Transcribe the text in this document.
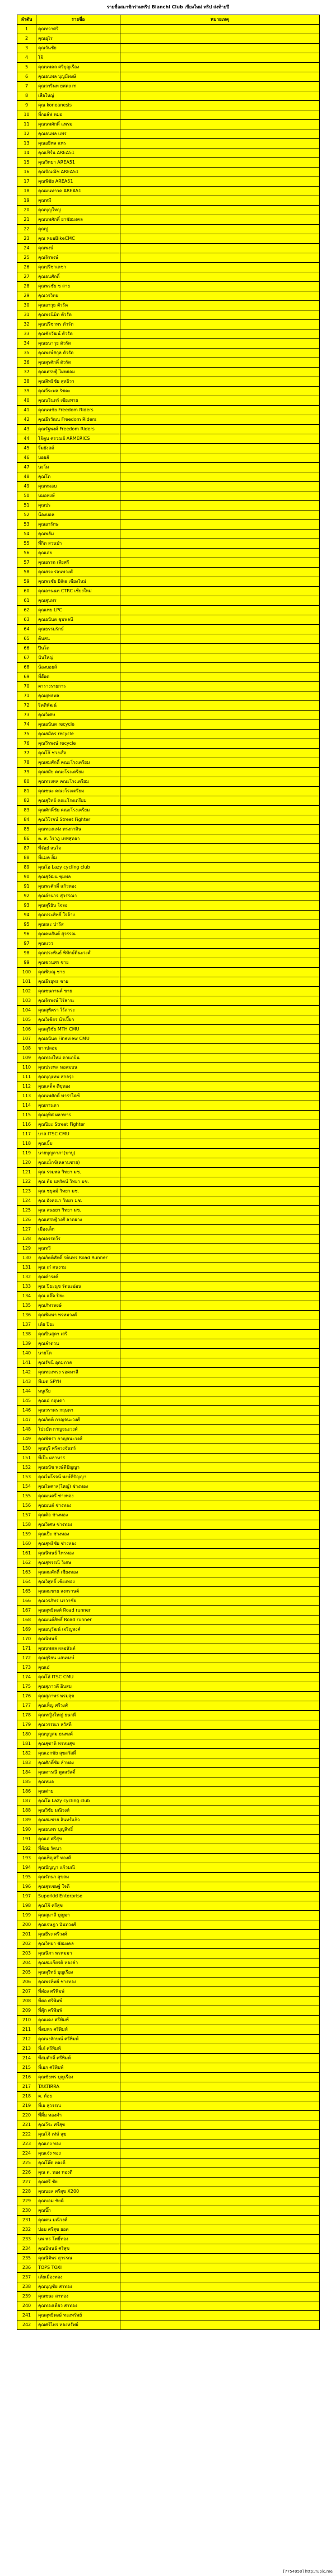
รายชื่อสมาชิกร่วมทริป Bianchi Club เชียงใหม่ ทริป ส่งท้ายปี
ลำดับ	รายชื่อ	หมายเหตุ
1	คุณทวาศรี	
2	คุณอุไร	
3	คุณวันชัย	
4	โจ้	
5	คุณนพดล ศรีบุญเรือง	
6	คุณธนพล บุญมีพงษ์	
7	คุณวารินท ยศคง m	
8	เสือใหญ่	
9	คุณ koneanesis	
10	พี่กอล์ฟ หมอ	
11	คุณนพศักดิ์ แพรม	
12	คุณธนพล แพร	
13	คุณอธิพล แพร	
14	คุณเฟิร์น AREA51	
15	คุณวิทยา AREA51	
16	คุณปัณณัช AREA51	
17	คุณพิชัย AREA51	
18	คุณมนทาวด AREA51	
19	คุณหมี	
20	คุณบุญใหญ่	
21	คุณนพศักดิ์ ยาชัยมงคล	
22	คุณปู	
23	คุณ หมอBikeCMC	
24	คุณพงษ์	
25	คุณจิรพงษ์	
26	คุณปรีชาเดชา	
27	คุณธนศักดิ์	
28	คุณพรชัย ช สาย	
29	คุณวรวิทย	
30	คุณอาวุธ ตัวรัด	
31	คุณพรนิมิต ตัวรัด	
32	คุณปรีชาพร ตัวรัด	
33	คุณชัยวัฒน์ ตัวรัด	
34	คุณธนาวุธ ตัวรัด	
35	คุณพงษ์สกุล ตัวรัด	
36	คุณสุรศักดิ์ ตัวรัด	
37	คุณเศรษฐี ไผ่หย่อม	
38	คุณสิทธิชัย สุทธิวา	
39	คุณวีระพล รัชตะ	
40	คุณนรินทร์ เชียงพาย	
41	คุณนพชัย Freedom Riders	
42	คุณธีรวัฒน Freedom Riders	
43	คุณรัฐพงศ์ Freedom Riders	
44	โจ้ตูน ศรวณย์ ARMERICS	
45	จิ๋มยังสต์	
46	บอยส์	
47	นะโม	
48	คุณโต	
49	คุณหมอบ	
50	หมอพงษ์	
51	คุณปร	
52	น้องบอล	
53	คุณอารักษ	
54	คุณพลัม	
55	พี่กิต สวนป่า	
56	คุณเอ๋ย	
57	คุณอรรถ เสียศรี	
58	คุณสวง ร่อนพวงศ์	
59	คุณพรชัย Bike เชียงใหม่	
60	คุณอานนท CTRC เชียงใหม่	
61	คุณสุนทร	
62	คุณเพย LPC	
63	คุณอนันต ชุมพลนี	
64	คุณธรรมรักษ์	
65	ต้นสน	
66	ปิ่นโต	
67	นันใหญ่	
68	น้องบอยส์	
69	พี่อ๊อต	
70	ตารางรายการ	
71	คุณยุทธพล	
72	จิตติพัฒน์	
73	คุณวิเศษ	
74	คุณอนันต recycle	
75	คุณสมัคร recycle	
76	คุณวีรพงษ์ recycle	
77	คุณโจ้ ช่วงเสือ	
78	คุณสมศักดิ์ คณะโรงเตรียม	
79	คุณสมัย คณะโรงเตรียม	
80	คุณทรงพล คณะโรงเตรียม	
81	คุณชนะ คณะโรงเตรียม	
82	คุณสุวิทย์ คณะโรงเตรียม	
83	คุณศักดิ์ชัย คณะโรงเตรียม	
84	คุณวิโรจน์ Street Fighter	
85	คุณทองแท่ง ทรงกาดิน	
86	ต. ส. วิราฎ เทพสุทธา	
87	พี่จ๋อย๋ สนใจ	
88	พี่แมค ยิ้ม	
89	คุณโอ Lazy cycling club	
90	คุณสุวัฒน ชุมพล	
91	คุณพรศักดิ์ แก้วทอง	
92	คุณอำนาจ สุวรรณา	
93	คุณสุริยัน ใจจอ	
94	คุณประสิทธิ์ ใจจ้าง	
95	คุณณะ ปารีส	
96	คุณคมสันต์ สุวรรณ	
97	คุณแวว	
98	คุณประพันธ์ พิทักษ์ดีนะวงศ์	
99	คุณชวนศร ชาย	
100	คุณพิษณุ ชาย	
101	คุณธีรยุทธ ชาย	
102	คุณชนกานต์ ชาย	
103	คุณจิรพงษ์ ไร้สาระ	
104	คุณสุพัตรา ไร้สาระ	
105	คุณวิเชียร น้าเปี๊ยก	
106	คุณสุวิชัย MTH CMU	
107	คุณอนันต Fineview CMU	
108	ชาวปลอม	
109	คุณทองใหม่ ตาแก่บิน	
110	คุณประพล หอลมบน	
111	คุณบุญเทพ สกลรุ่ง	
112	คุณเสด็จ ดีขุทอง	
113	คุณนพศักดิ์ พาราไดซ์	
114	คุณกานดา	
115	คุณอุทิศ ผลาหาร	
116	คุณปิยะ Street Fighter	
117	บาส ITSC CMU	
118	คุณเบิ้ม	
119	นายบุญลาภา(บาบู)	
120	คุณแม็กซ์(หลานชาย)	
121	คุณ รวมพล วิทยา มช.	
122	คุณ ต้อ นพรัตน์ วิทยา มช.	
123	คุณ ชยุตม์ วิทยา มช.	
124	คุณ อังคณา วิทยา มช.	
125	คุณ สนธยา วิทยา มช.	
126	คุณเศรษฐิวงศ์ ลาดยาง	
127	เมืองเล็ก	
128	คุณอรรถวีร	
129	คุณทวี	
130	คุณกิตติศักดิ์ รตินทร Road Runner	
131	คุณ เก๋ คนงาม	
132	คุณดำรงค์	
133	คุณ ปิยะนุช รัตนะอ่อน	
134	คุณ แอ๊ด ปิยะ	
135	คุณภัทรพงษ์	
136	คุณพิมพา พรหมวงศ์	
137	เต้ย ปิยะ	
138	คุณปิ่นสุดา เสรี	
139	คุณลำดวน	
140	นายโต	
141	คุณรัชนี อุดมภาค	
142	คุณทองทรง รอดมาลี	
143	พีเมด SPYH	
144	หนูเรีย	
145	คุณเอ๋ กฤษดา	
146	คุณวราพร กฤษดา	
147	คุณกิตติ กาญจนะวงศ์	
148	โปรบัท กาญจนะวงศ์	
149	คุณพัชรา กาญจนะวงศ์	
150	คุณบุรี ศรีดวงจันทร์	
151	พี่เป๊ะ ผลาหาร	
152	คุณธนัช พงษ์ดีปัญญา	
153	คุณไพโรจน์ พงษ์ดีปัญญา	
154	คุณไพศาล(ใหญ่) ช่างทอง	
155	คุณมนตรี ช่างทอง	
156	คุณมนต์ ช่างทอง	
157	คุณต้อ ช่างทอง	
158	คุณวิเศษ ช่างทอง	
159	คุณเป๊ะ ช่างทอง	
160	คุณสุทธิชัย ช่างทอง	
161	คุณนิพนธ์ ไทรทอง	
162	คุณสุพรรณี วิเศษ	
163	คุณสมศักดิ์ เชียงทอง	
164	คุณวิสุทธิ์ เชียงทอง	
165	คุณสมชาย สงกรานต์	
166	คุณวรภัทร นาวาชัย	
167	คุณสุทธิพงศ์ Road runner	
168	คุณมนต์สิทธิ์ Road runner	
169	คุณอนุวัฒน์ เจริญพงศ์	
170	คุณนิพนธ์	
171	คุณนพดล ผลอนันต์	
172	คุณสุริยน แสนพงษ์	
173	คุณเอ๋	
174	คุณโอ๋ ITSC CMU	
175	คุณสุภาวดี อินสม	
176	คุณสุภาพร พรมสุข	
177	คุณเพ็ญ ศรีวงศ์	
178	คุณหญิงใหญ่ ธนาดี	
179	คุณวรรณา สวัสดี	
180	คุณบุญสม ธนพงศ์	
181	คุณสุชาติ พรหมสุข	
182	คุณเอกชัย สุขสวัสดิ์	
183	คุณศักดิ์ชัย ลำทอง	
184	คุณดารณี พูลสวัสดิ์	
185	คุณหมอ	
186	คุณต่าย	
187	คุณโอ Lazy cycling club	
188	คุณวิชัย มณีวงศ์	
189	คุณสมชาย อินทร์แก้ว	
190	คุณธนพร บุญสิทธิ์	
191	คุณเอ๋ ศรีสุข	
192	พี่ต้อย รัตนา	
193	คุณเพ็ญศรี ทองดี	
194	คุณปัญญา แก้วมณี	
195	คุณรัตนา สุขสม	
196	คุณสุรเชษฐ์ ใจดี	
197	Superkid Enterprise	
198	คุณโจ้ ศรีสุข	
199	คุณสุมาลี บุญมา	
200	คุณเจษฎา นันทวงศ์	
201	คุณธีระ ศรีวงศ์	
202	คุณวิทยา ชัยมงคล	
203	คุณนิภา พรหมมา	
204	คุณสมเกียรติ ทองคำ	
205	คุณสุวิทย์ บุญเรือง	
206	คุณพรทิพย์ ช่างทอง	
207	พี่ต๋อง ศรีพิมพ์	
208	พี่ต่อ ศรีพิมพ์	
209	พี่ตุ๊ก ศรีพิมพ์	
210	คุณแดง ศรีพิมพ์	
211	พี่สมพร ศรีพิมพ์	
212	คุณนงลักษณ์ ศรีพิมพ์	
213	พี่เก๋ ศรีพิมพ์	
214	พี่สมศักดิ์ ศรีพิมพ์	
215	พี่เอก ศรีพิมพ์	
216	คุณชัยพร บุญเรือง	
217	TAKTIRRA	
218	ต. ต้อย	
219	พี่เอ สุวรรณ	
220	พี่ติ๋ม ทองคำ	
221	คุณวีระ ศรีสุข	
222	คุณโจ้ เท่ห์ สุข	
223	คุณเก่ง ทอง	
224	คุณเจ๋ง ทอง	
225	คุณโอ๊ต ทองดี	
226	คุณ ต. ทอง ทองดี	
227	คุณศรี ชัย	
228	คุณบอล ศรีสุข X200	
229	คุณบอม ชัยดี	
230	คุณบิ๊ก	
231	คุณตน มณีวงศ์	
232	ปอม ศรีสุข ยอด	
233	นพ พร โพธิ์ทอง	
234	คุณนิพนธ์ ศรีสุข	
235	คุณนิติพร สุวรรณ	
236	TOPS TOXI	
237	เต้ยเมืองทอง	
238	คุณบุญชัย สาทอง	
239	คุณชนะ สาทอง	
240	คุณทองเดียว สาทอง	
241	คุณสุทธิพงษ์ ทองทรัพย์	
242	คุณศรีไพร ทองทรัพย์	
[7754950] http://upic.me
